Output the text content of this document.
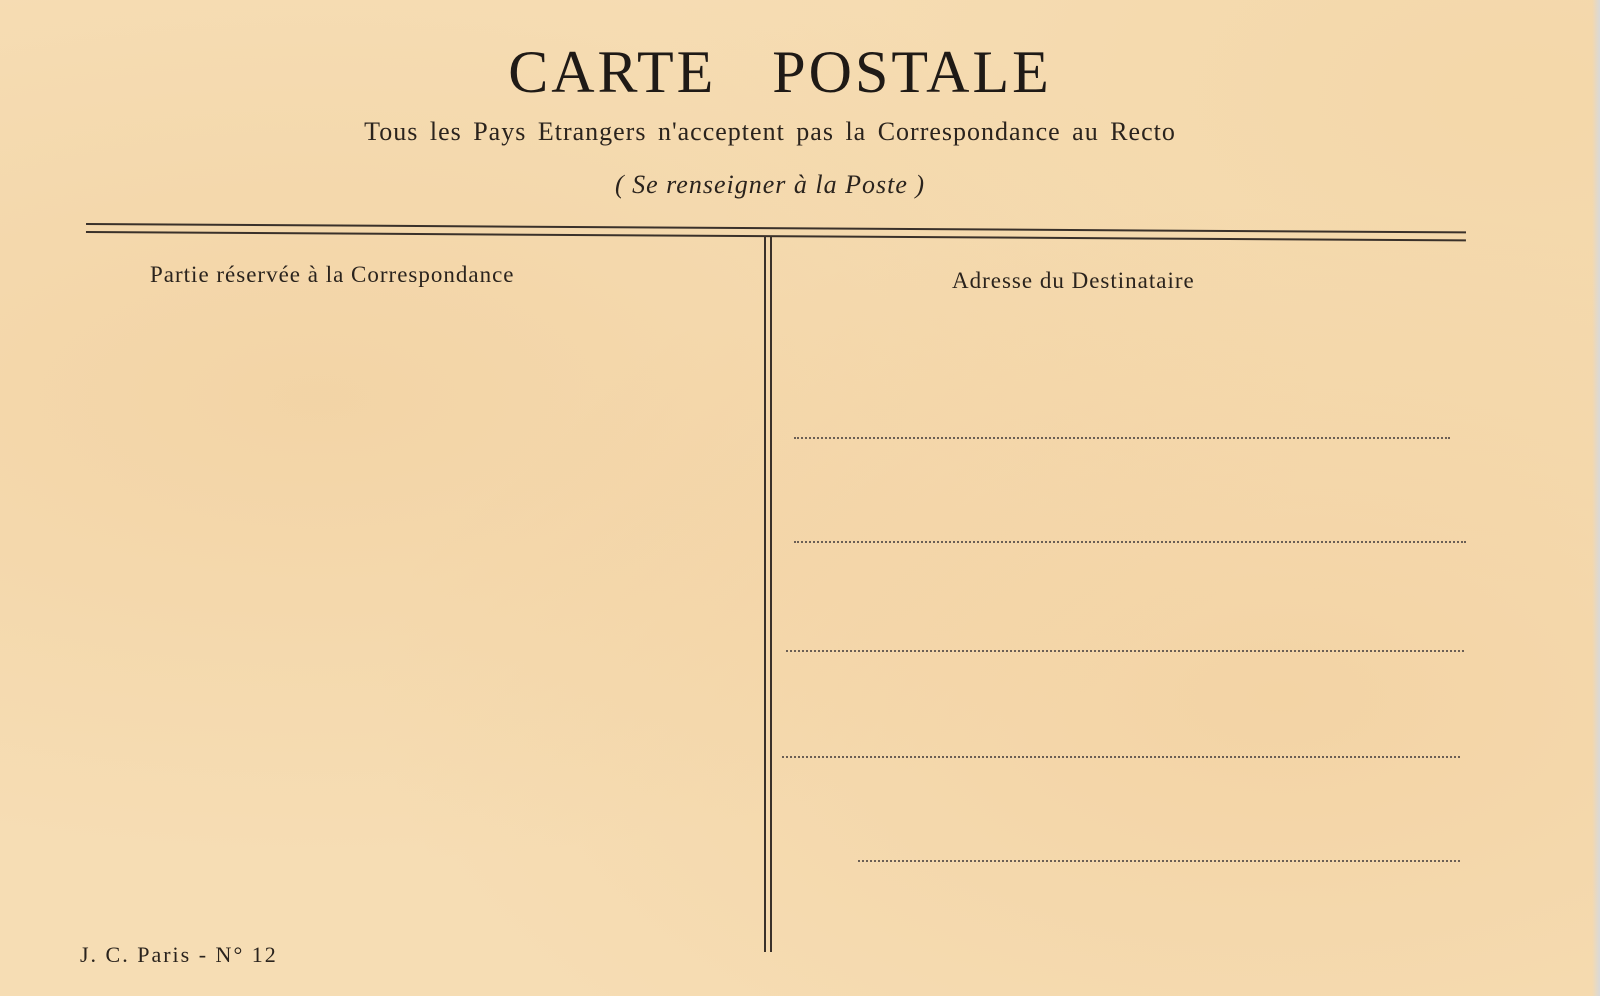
CARTE POSTALE
Tous les Pays Etrangers n'acceptent pas la Correspondance au Recto
( Se renseigner à la Poste )
Partie réservée à la Correspondance	Adresse du Destinataire
J. C. Paris - N° 12
